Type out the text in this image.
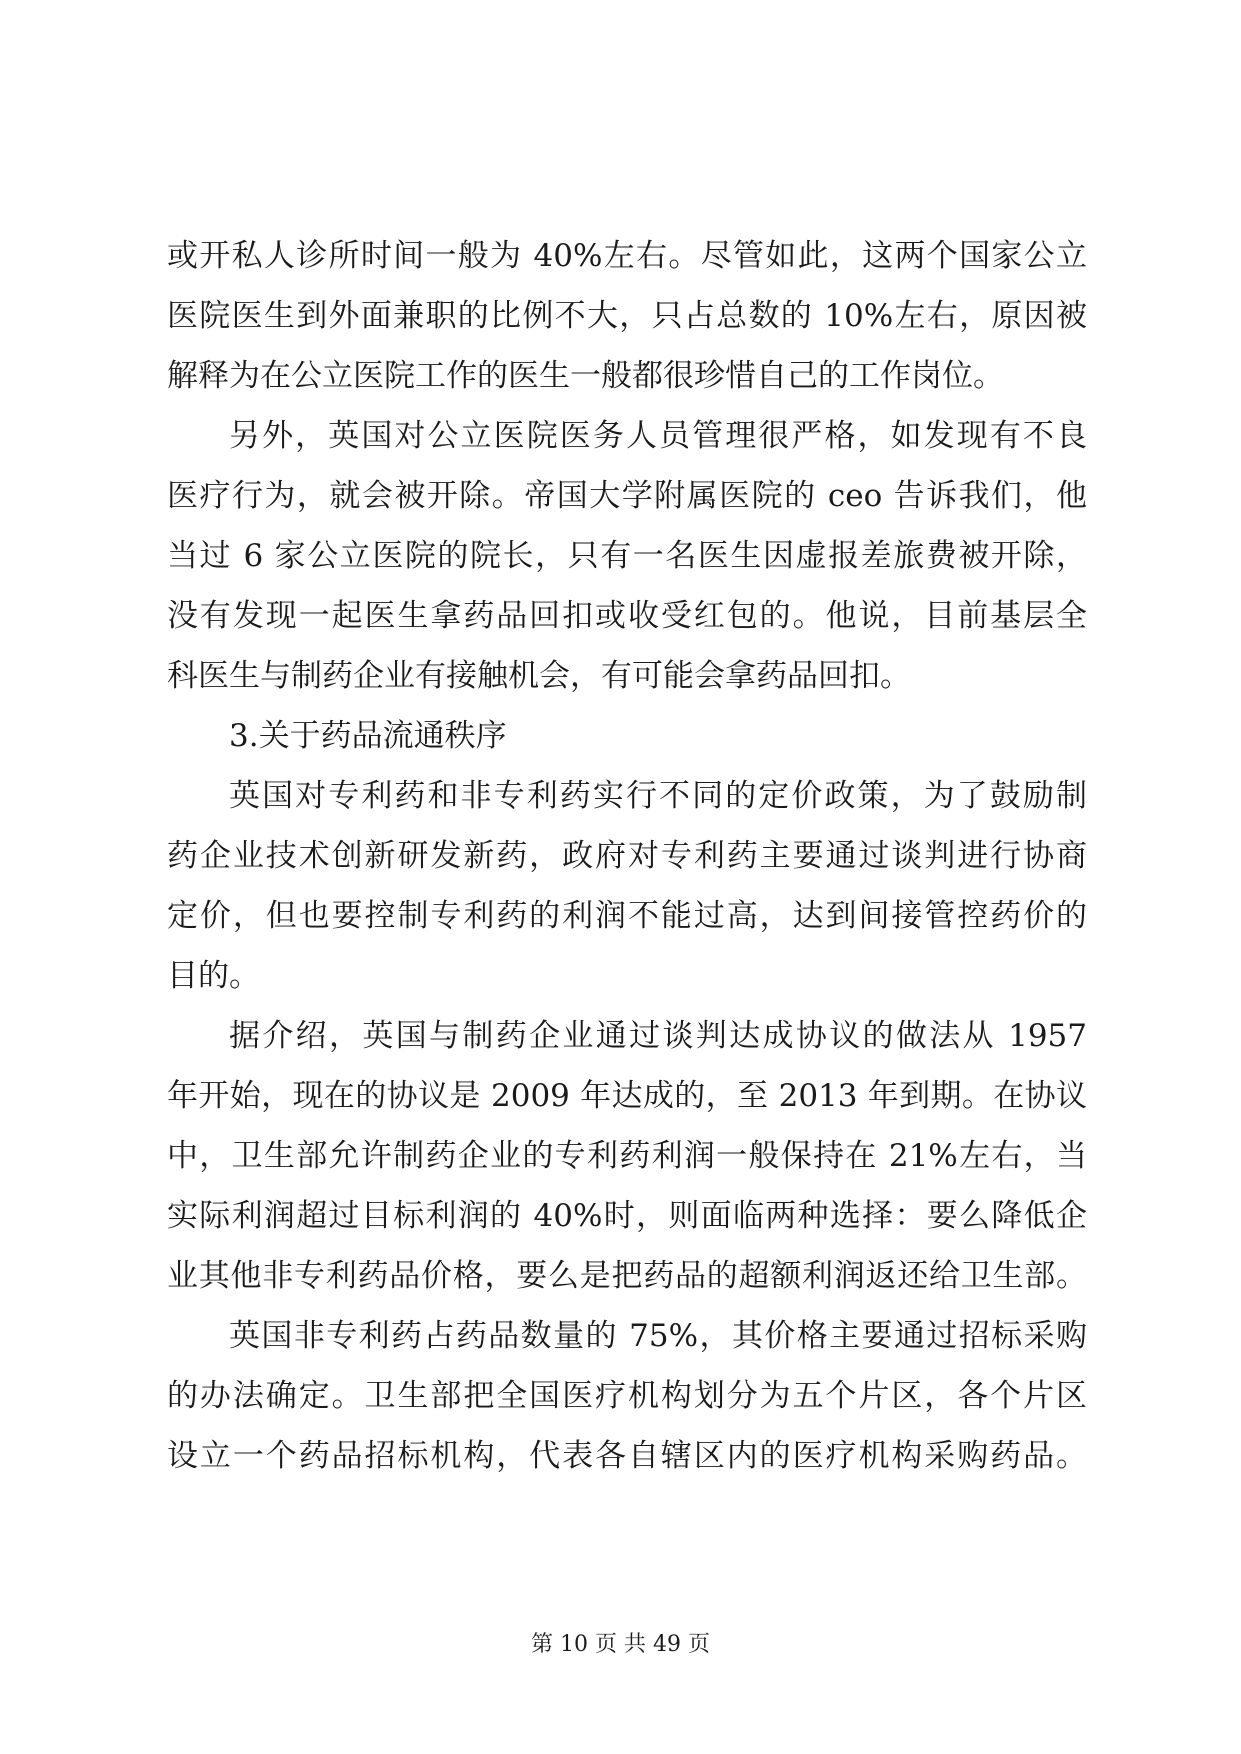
或开私人诊所时间一般为 40%左右。尽管如此，这两个国家公立
医院医生到外面兼职的比例不大，只占总数的 10%左右，原因被
解释为在公立医院工作的医生一般都很珍惜自己的工作岗位。
另外，英国对公立医院医务人员管理很严格，如发现有不良
医疗行为，就会被开除。帝国大学附属医院的 ceo 告诉我们，他
当过 6 家公立医院的院长，只有一名医生因虚报差旅费被开除，
没有发现一起医生拿药品回扣或收受红包的。他说，目前基层全
科医生与制药企业有接触机会，有可能会拿药品回扣。
3.关于药品流通秩序
英国对专利药和非专利药实行不同的定价政策，为了鼓励制
药企业技术创新研发新药，政府对专利药主要通过谈判进行协商
定价，但也要控制专利药的利润不能过高，达到间接管控药价的
目的。
据介绍，英国与制药企业通过谈判达成协议的做法从 1957
年开始，现在的协议是 2009 年达成的，至 2013 年到期。在协议
中，卫生部允许制药企业的专利药利润一般保持在 21%左右，当
实际利润超过目标利润的 40%时，则面临两种选择：要么降低企
业其他非专利药品价格，要么是把药品的超额利润返还给卫生部。
英国非专利药占药品数量的 75%，其价格主要通过招标采购
的办法确定。卫生部把全国医疗机构划分为五个片区，各个片区
设立一个药品招标机构，代表各自辖区内的医疗机构采购药品。
第 10 页 共 49 页
